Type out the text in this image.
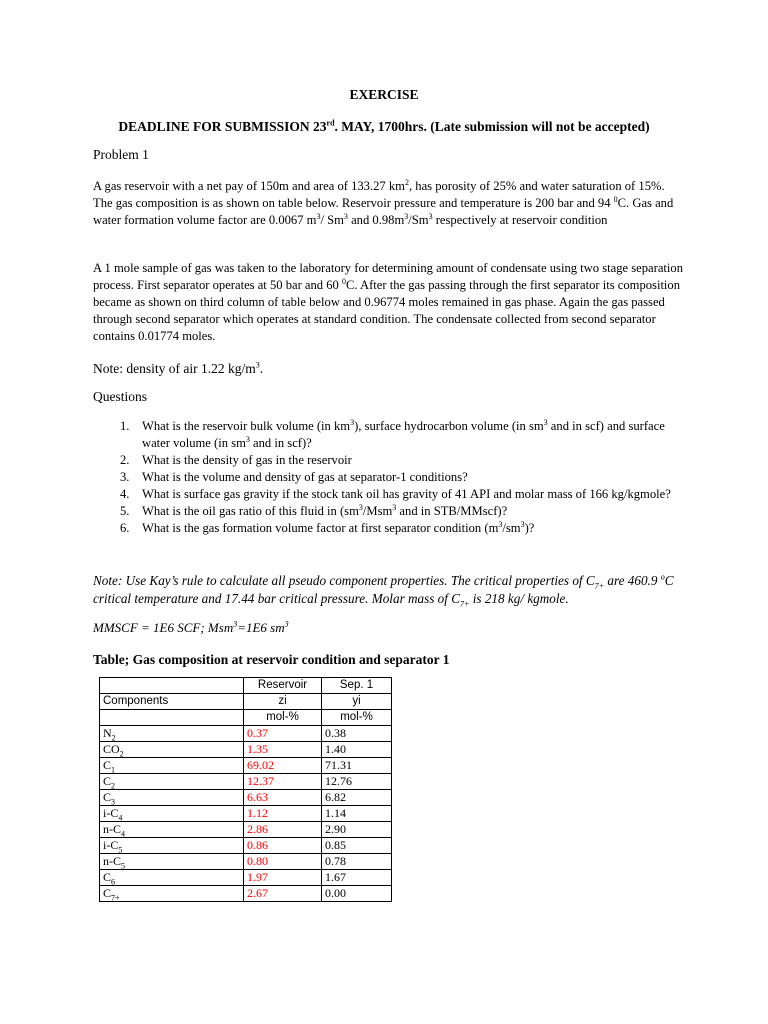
EXERCISE
DEADLINE FOR SUBMISSION 23rd. MAY, 1700hrs. (Late submission will not be accepted)
Problem 1
A gas reservoir with a net pay of 150m and area of 133.27 $km^2$, has porosity of 25% and water saturation of 15%. The gas composition is as shown on table below. Reservoir pressure and temperature is 200 bar and 94 $^0$C. Gas and water formation volume factor are 0.0067 $m^3/$ Sm$^3$ and $0.98m^3/Sm^3$ respectively at reservoir condition
A 1 mole sample of gas was taken to the laboratory for determining amount of condensate using two stage separation process. First separator operates at 50 bar and 60 $^0$C. After the gas passing through the first separator its composition became as shown on third column of table below and 0.96774 moles remained in gas phase. Again the gas passed through second separator which operates at standard condition. The condensate collected from second separator contains 0.01774 moles.
Note: density of air 1.22 $kg/m^3$.
Questions
1. What is the reservoir bulk volume (in $km^3$), surface hydrocarbon volume (in $sm^3$ and in scf) and surface water volume (in $sm^3$ and in scf)?
2. What is the density of gas in the reservoir
3. What is the volume and density of gas at separator-1 conditions?
4. What is surface gas gravity if the stock tank oil has gravity of 41 API and molar mass of 166 kg/kgmole?
5. What is the oil gas ratio of this fluid in ($sm^3/Msm^3$ and in STB/MMscf)?
6. What is the gas formation volume factor at first separator condition $(m^3/sm^3)$?
Note: Use Kay’s rule to calculate all pseudo component properties. The critical properties of $C_{7+}$ are 460.9 $^o$C critical temperature and 17.44 bar critical pressure. Molar mass of $C_{7+}$ is 218 kg/ kgmole.
MMSCF = 1E6 SCF; Msm$^3$=1E6 $sm^3$
Table; Gas composition at reservoir condition and separator 1
	Reservoir	Sep. 1
Components	zi	yi
	mol-%	mol-%
$N_2$	0.37	0.38
$CO_2$	1.35	1.40
$C_1$	69.02	71.31
$C_2$	12.37	12.76
$C_3$	6.63	6.82
$i-C_4$	1.12	1.14
$n-C_4$	2.86	2.90
$i-C_5$	0.86	0.85
$n-C_5$	0.80	0.78
$C_6$	1.97	1.67
$C_{7+}$	2.67	0.00
